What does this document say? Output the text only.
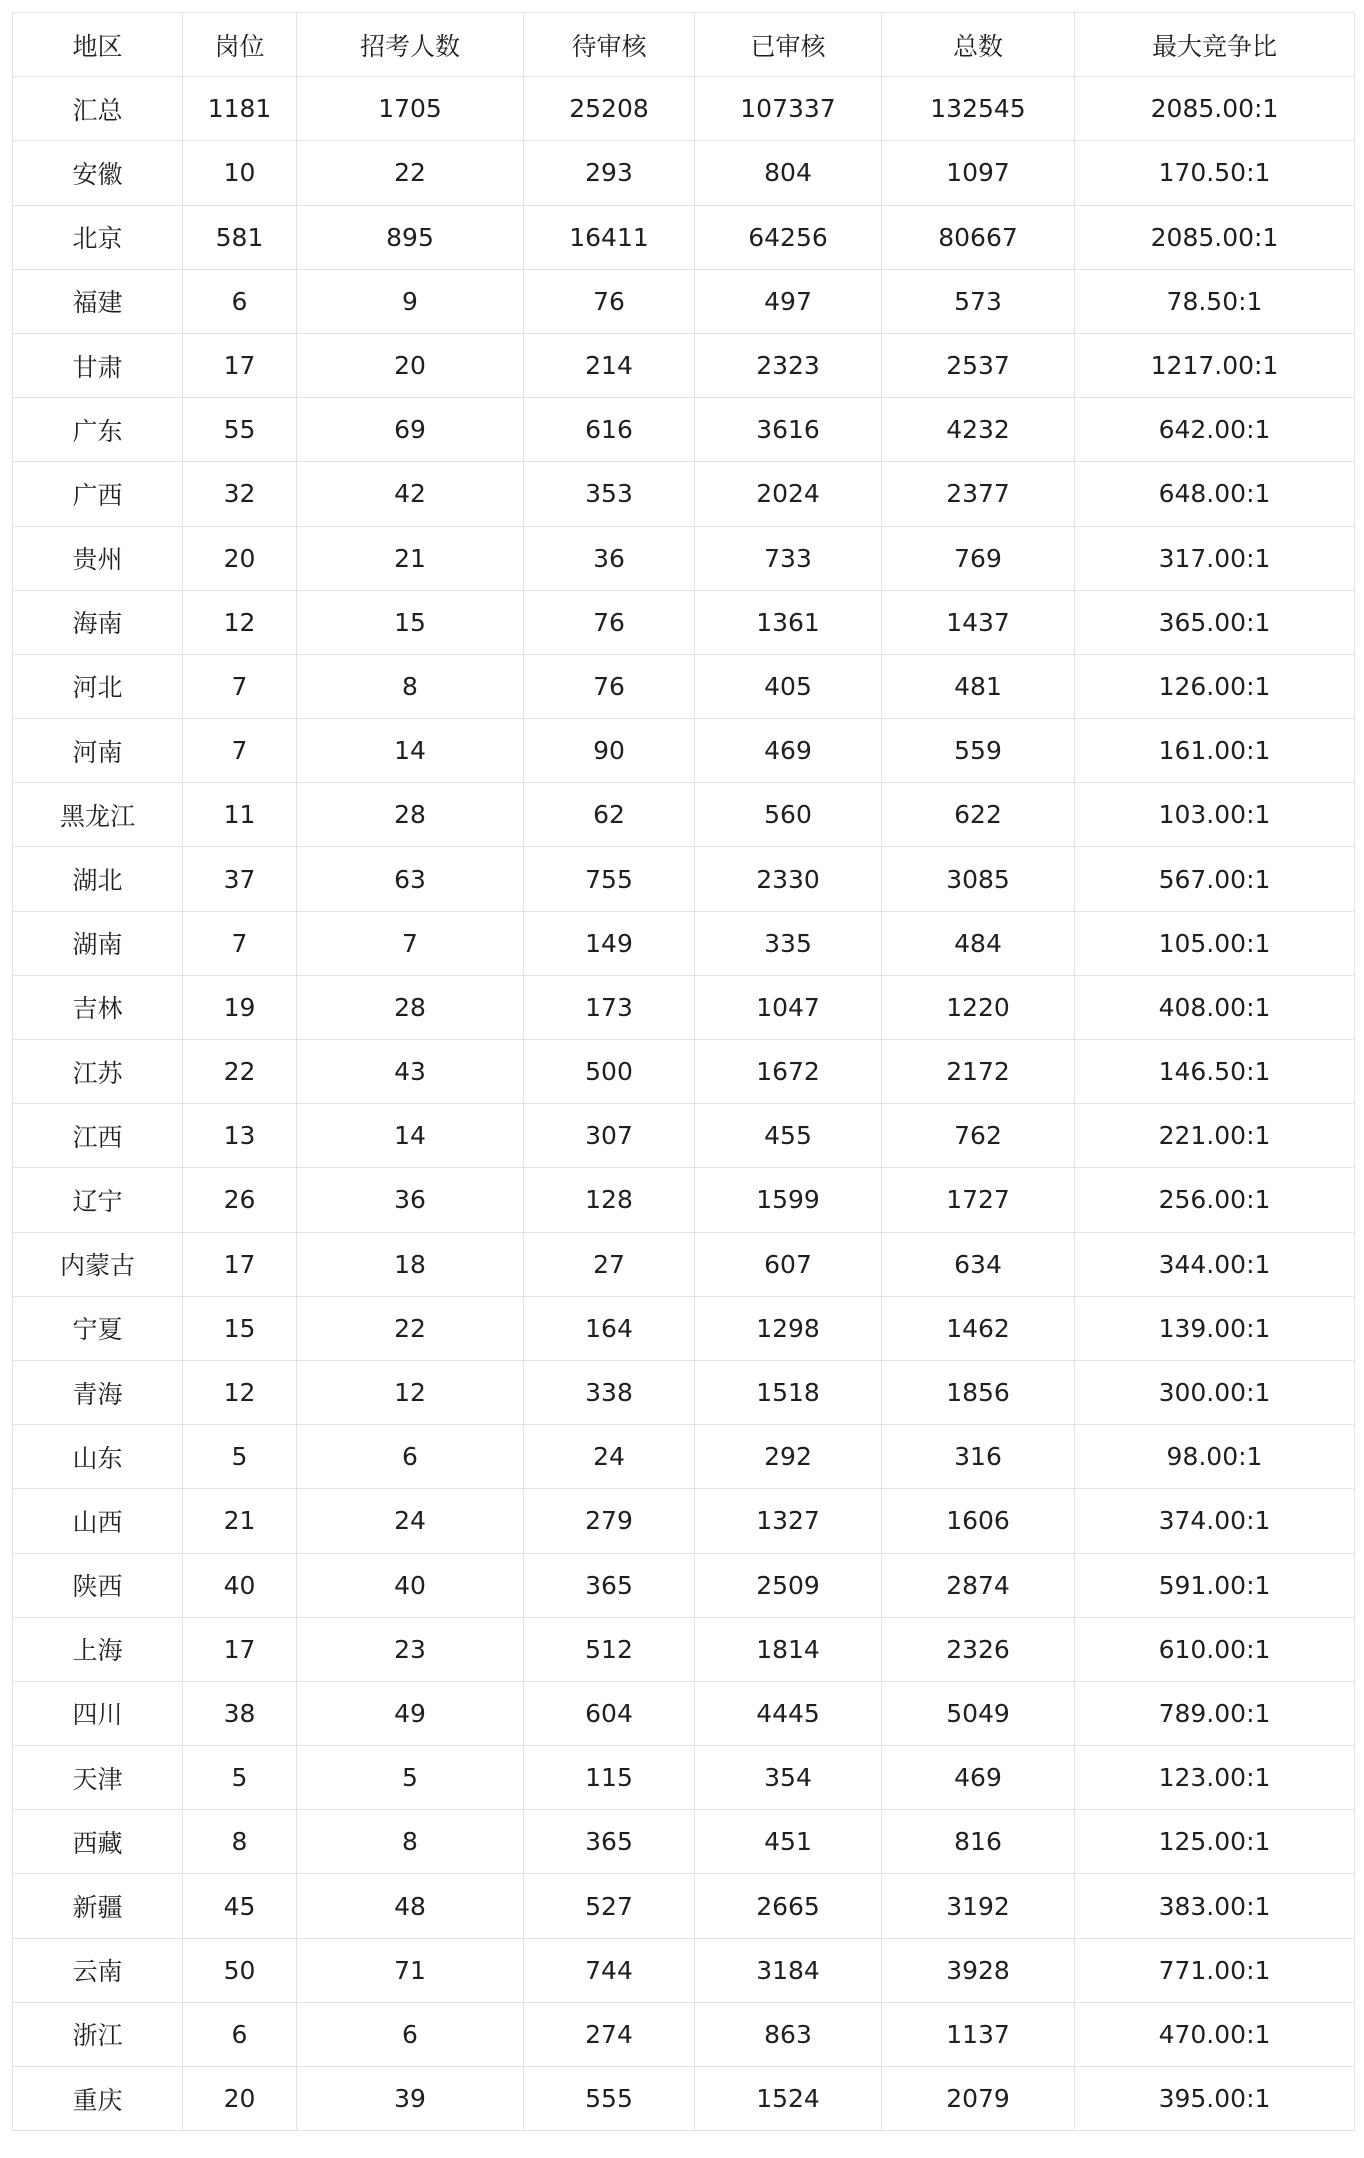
地区	岗位	招考人数	待审核	已审核	总数	最大竞争比
汇总	1181	1705	25208	107337	132545	2085.00:1
安徽	10	22	293	804	1097	170.50:1
北京	581	895	16411	64256	80667	2085.00:1
福建	6	9	76	497	573	78.50:1
甘肃	17	20	214	2323	2537	1217.00:1
广东	55	69	616	3616	4232	642.00:1
广西	32	42	353	2024	2377	648.00:1
贵州	20	21	36	733	769	317.00:1
海南	12	15	76	1361	1437	365.00:1
河北	7	8	76	405	481	126.00:1
河南	7	14	90	469	559	161.00:1
黑龙江	11	28	62	560	622	103.00:1
湖北	37	63	755	2330	3085	567.00:1
湖南	7	7	149	335	484	105.00:1
吉林	19	28	173	1047	1220	408.00:1
江苏	22	43	500	1672	2172	146.50:1
江西	13	14	307	455	762	221.00:1
辽宁	26	36	128	1599	1727	256.00:1
内蒙古	17	18	27	607	634	344.00:1
宁夏	15	22	164	1298	1462	139.00:1
青海	12	12	338	1518	1856	300.00:1
山东	5	6	24	292	316	98.00:1
山西	21	24	279	1327	1606	374.00:1
陕西	40	40	365	2509	2874	591.00:1
上海	17	23	512	1814	2326	610.00:1
四川	38	49	604	4445	5049	789.00:1
天津	5	5	115	354	469	123.00:1
西藏	8	8	365	451	816	125.00:1
新疆	45	48	527	2665	3192	383.00:1
云南	50	71	744	3184	3928	771.00:1
浙江	6	6	274	863	1137	470.00:1
重庆	20	39	555	1524	2079	395.00:1
